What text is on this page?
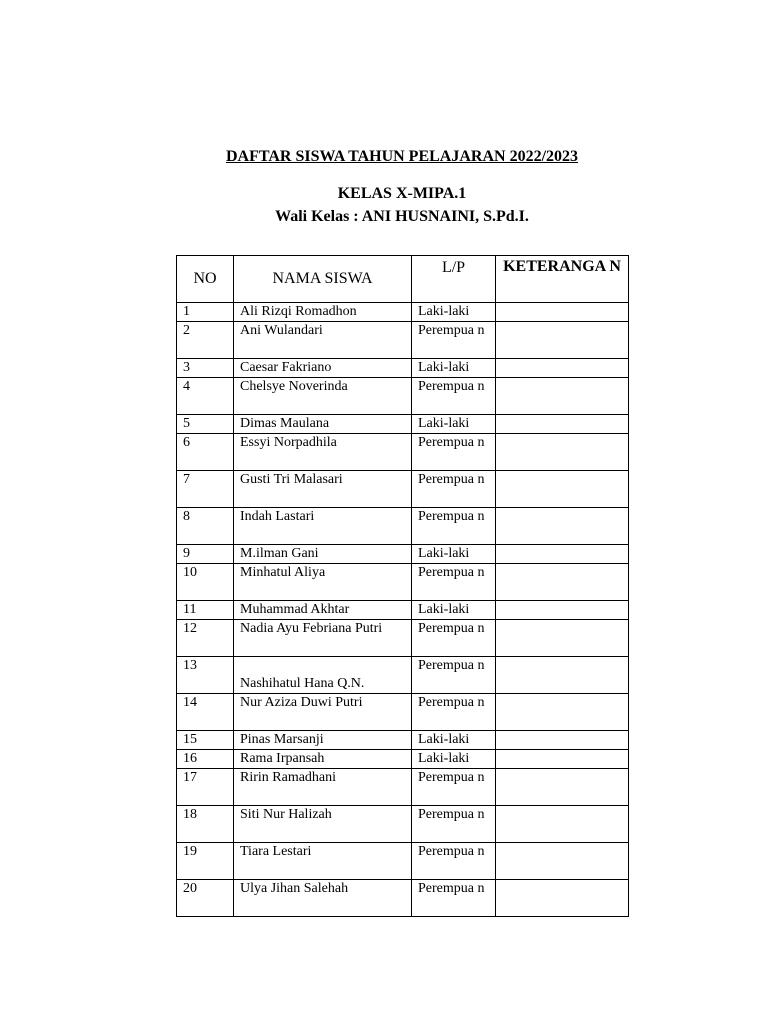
DAFTAR SISWA TAHUN PELAJARAN 2022/2023
KELAS X-MIPA.1
Wali Kelas : ANI HUSNAINI, S.Pd.I.
NO	NAMA SISWA	L/P	KETERANGA N
1	Ali Rizqi Romadhon	Laki-laki	
2	Ani Wulandari	Perempua n	
3	Caesar Fakriano	Laki-laki	
4	Chelsye Noverinda	Perempua n	
5	Dimas Maulana	Laki-laki	
6	Essyi Norpadhila	Perempua n	
7	Gusti Tri Malasari	Perempua n	
8	Indah Lastari	Perempua n	
9	M.ilman Gani	Laki-laki	
10	Minhatul Aliya	Perempua n	
11	Muhammad Akhtar	Laki-laki	
12	Nadia Ayu Febriana Putri	Perempua n	
13	Nashihatul Hana Q.N.	Perempua n	
14	Nur Aziza Duwi Putri	Perempua n	
15	Pinas Marsanji	Laki-laki	
16	Rama Irpansah	Laki-laki	
17	Ririn Ramadhani	Perempua n	
18	Siti Nur Halizah	Perempua n	
19	Tiara Lestari	Perempua n	
20	Ulya Jihan Salehah	Perempua n	
